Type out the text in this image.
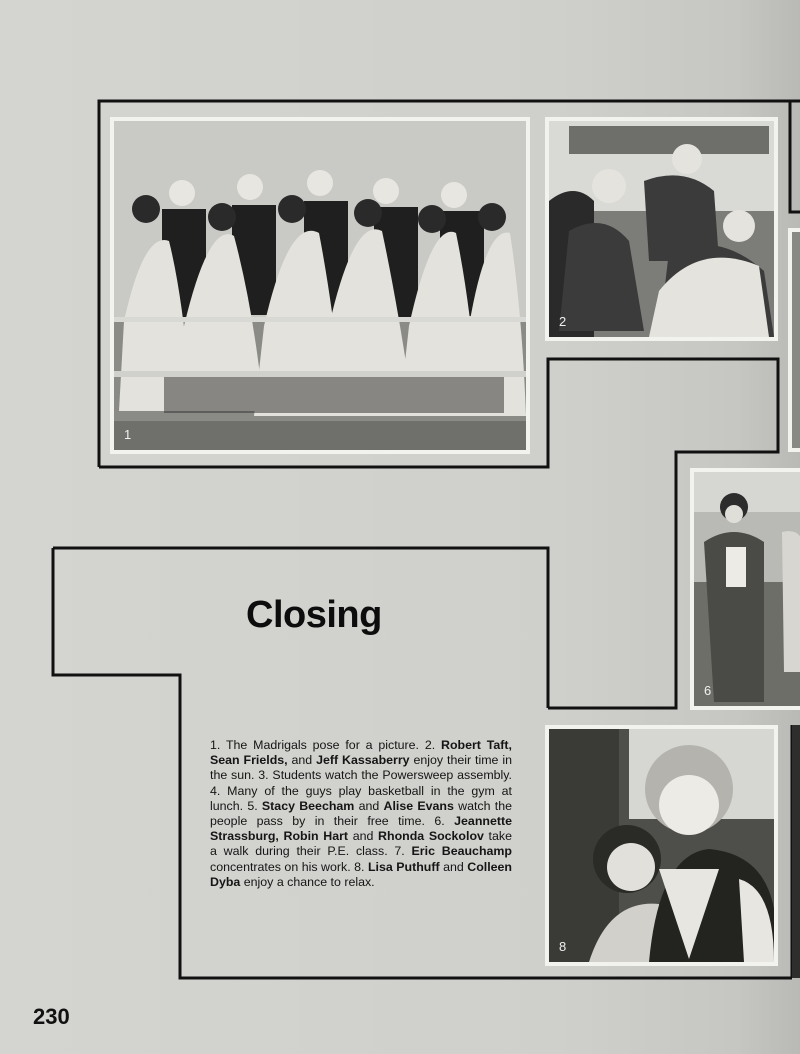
1
2
6
8
Closing
1. The Madrigals pose for a picture. 2. Robert Taft, Sean Frields, and Jeff Kassaberry enjoy their time in the sun. 3. Students watch the Powersweep assembly. 4. Many of the guys play basketball in the gym at lunch. 5. Stacy Beecham and Alise Evans watch the people pass by in their free time. 6. Jeannette Strassburg, Robin Hart and Rhonda Sockolov take a walk during their P.E. class. 7. Eric Beauchamp concentrates on his work. 8. Lisa Puthuff and Colleen Dyba enjoy a chance to relax.
230
